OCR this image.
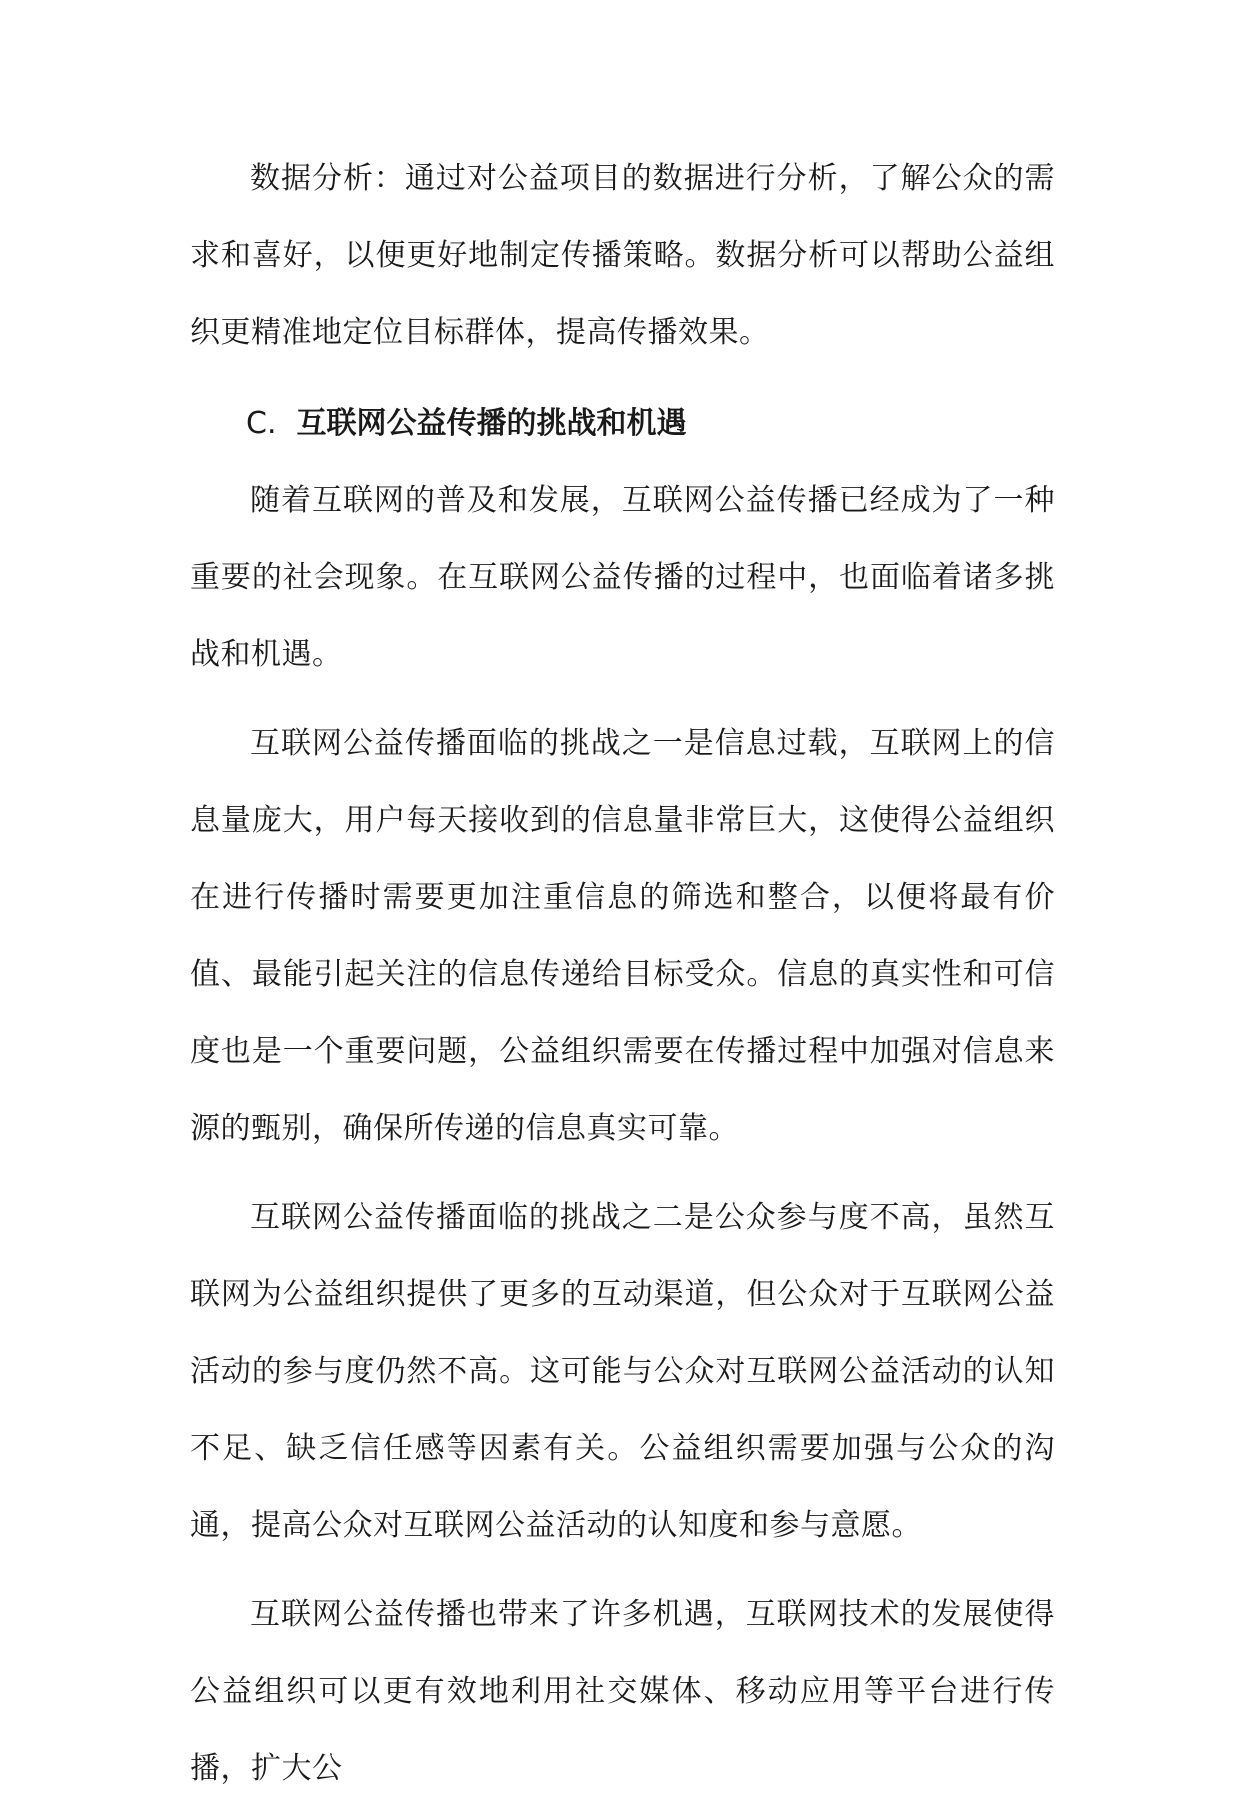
数据分析：通过对公益项目的数据进行分析，了解公众的需求和喜好，以便更好地制定传播策略。数据分析可以帮助公益组织更精准地定位目标群体，提高传播效果。

C. 互联网公益传播的挑战和机遇

随着互联网的普及和发展，互联网公益传播已经成为了一种重要的社会现象。在互联网公益传播的过程中，也面临着诸多挑战和机遇。

互联网公益传播面临的挑战之一是信息过载，互联网上的信息量庞大，用户每天接收到的信息量非常巨大，这使得公益组织在进行传播时需要更加注重信息的筛选和整合，以便将最有价值、最能引起关注的信息传递给目标受众。信息的真实性和可信度也是一个重要问题，公益组织需要在传播过程中加强对信息来源的甄别，确保所传递的信息真实可靠。

互联网公益传播面临的挑战之二是公众参与度不高，虽然互联网为公益组织提供了更多的互动渠道，但公众对于互联网公益活动的参与度仍然不高。这可能与公众对互联网公益活动的认知不足、缺乏信任感等因素有关。公益组织需要加强与公众的沟通，提高公众对互联网公益活动的认知度和参与意愿。

互联网公益传播也带来了许多机遇，互联网技术的发展使得公益组织可以更有效地利用社交媒体、移动应用等平台进行传播，扩大公
